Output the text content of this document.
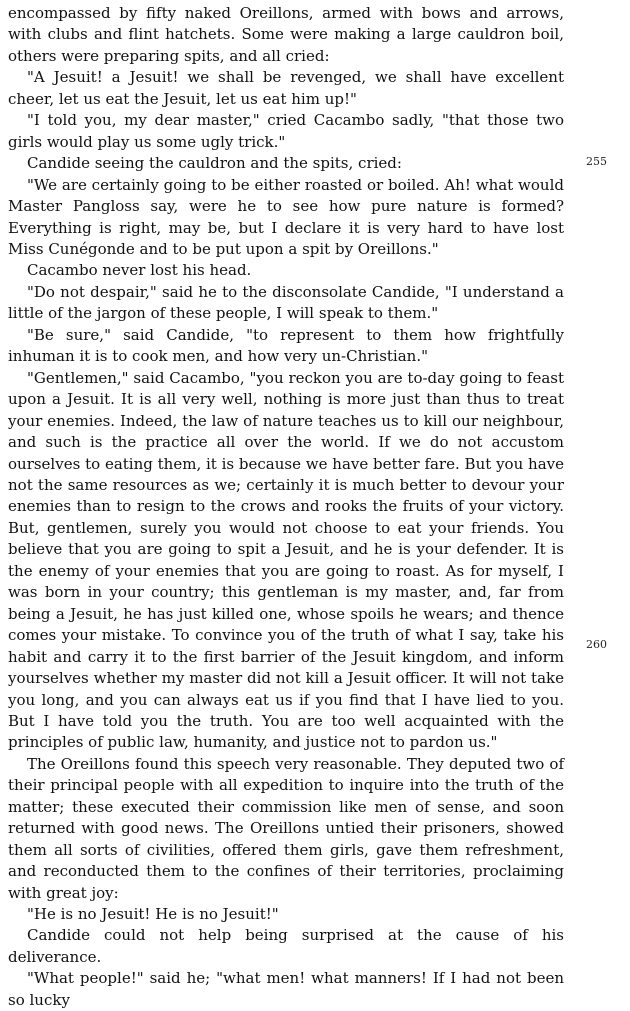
encompassed by fifty naked Oreillons, armed with bows and arrows, with clubs and flint hatchets. Some were making a large cauldron boil, others were preparing spits, and all cried:

"A Jesuit! a Jesuit! we shall be revenged, we shall have excellent cheer, let us eat the Jesuit, let us eat him up!"

"I told you, my dear master," cried Cacambo sadly, "that those two girls would play us some ugly trick."

Candide seeing the cauldron and the spits, cried:

"We are certainly going to be either roasted or boiled. Ah! what would Master Pangloss say, were he to see how pure nature is formed? Everything is right, may be, but I declare it is very hard to have lost Miss Cunégonde and to be put upon a spit by Oreillons."

Cacambo never lost his head.

"Do not despair," said he to the disconsolate Candide, "I understand a little of the jargon of these people, I will speak to them."

"Be sure," said Candide, "to represent to them how frightfully inhuman it is to cook men, and how very un-Christian."

"Gentlemen," said Cacambo, "you reckon you are to-day going to feast upon a Jesuit. It is all very well, nothing is more just than thus to treat your enemies. Indeed, the law of nature teaches us to kill our neighbour, and such is the practice all over the world. If we do not accustom ourselves to eating them, it is because we have better fare. But you have not the same resources as we; certainly it is much better to devour your enemies than to resign to the crows and rooks the fruits of your victory. But, gentlemen, surely you would not choose to eat your friends. You believe that you are going to spit a Jesuit, and he is your defender. It is the enemy of your enemies that you are going to roast. As for myself, I was born in your country; this gentleman is my master, and, far from being a Jesuit, he has just killed one, whose spoils he wears; and thence comes your mistake. To convince you of the truth of what I say, take his habit and carry it to the first barrier of the Jesuit kingdom, and inform yourselves whether my master did not kill a Jesuit officer. It will not take you long, and you can always eat us if you find that I have lied to you. But I have told you the truth. You are too well acquainted with the principles of public law, humanity, and justice not to pardon us."

The Oreillons found this speech very reasonable. They deputed two of their principal people with all expedition to inquire into the truth of the matter; these executed their commission like men of sense, and soon returned with good news. The Oreillons untied their prisoners, showed them all sorts of civilities, offered them girls, gave them refreshment, and reconducted them to the confines of their territories, proclaiming with great joy:

"He is no Jesuit! He is no Jesuit!"

Candide could not help being surprised at the cause of his deliverance.

"What people!" said he; "what men! what manners! If I had not been so lucky

255
260
